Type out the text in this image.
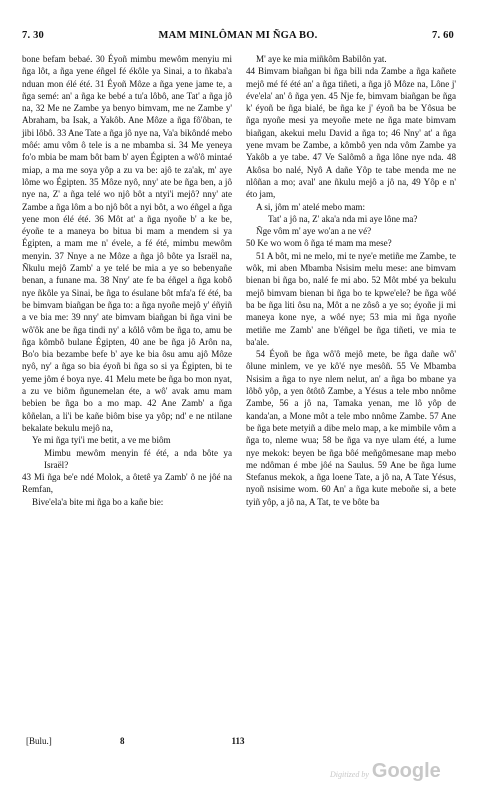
7. 30	MAM MINLÔMAN MI ÑGA BO.	7. 60

bone befam bebaé. 30 Éyoñ mimbu mewôm menyiu mi ñga lôt, a ñga yene éñgel fé ékôle ya Sinai, a to ñkaba'a nduan mon élé été. 31 Éyoñ Môze a ñga yene jame te, a ñga semé: an' a ñga ke bebé a tu'a lôbô, ane Tat' a ñga jô na, 32 Me ne Zambe ya benyo bimvam, me ne Zambe y' Abraham, ba Isak, a Yakôb. Ane Môze a ñga fô'ôban, te jibi lôbô. 33 Ane Tate a ñga jô nye na, Va'a bikôndé mebo môé: amu vôm ô tele is a ne mbamba si. 34 Me yeneya fo'o mbia be mam bôt bam b' ayen Égipten a wô'ô mintaé miap, a ma me soya yôp a zu va be: ajô te za'ak, m' aye lôme wo Égipten. 35 Môze nyô, nny' ate be ñga ben, a jô nye na, Z' a ñga telé wo njô bôt a ntyi'i mejô? nny' ate Zambe a ñga lôm a bo njô bôt a nyi bôt, a wo éñgel a ñga yene mon élé été. 36 Môt at' a ñga nyoñe b' a ke be, éyoñe te a maneya bo bitua bi mam a mendem si ya Égipten, a mam me n' évele, a fé été, mimbu mewôm menyin. 37 Nnye a ne Môze a ñga jô bôte ya Israël na, Ñkulu mejô Zamb' a ye telé be mia a ye so bebenyañe benan, a funane ma. 38 Nny' ate fe ba éñgel a ñga kobô nye ñkôle ya Sinai, be ñga to ésulane bôt mfa'a fé été, ba be bimvam biañgan be ñga to: a ñga nyoñe mejô y' éñyiñ a ve bia me: 39 nny' ate bimvam biañgan bi ñga vini be wô'ôk ane be ñga tindi ny' a kôlô vôm be ñga to, amu be ñga kômbô bulane Égipten, 40 ane be ñga jô Arôn na, Bo'o bia bezambe befe b' aye ke bia ôsu amu ajô Môze nyô, ny' a ñga so bia éyoñ bi ñga so si ya Égipten, bi te yeme jôm é boya nye. 41 Melu mete be ñga bo mon nyat, a zu ve biôm ñgunemelan éte, a wô' avak amu mam bebien be ñga bo a mo map. 42 Ane Zamb' a ñga kôñelan, a li'i be kañe biôm bise ya yôp; nd' e ne ntilane bekalate bekulu mejô na,

Ye mi ñga tyi'i me betit, a ve me biôm

Mimbu mewôm menyin fé été, a nda bôte ya Israël?

43 Mi ñga be'e ndé Molok, a ôtetê ya Zamb' ô ne jôé na Remfan,

Bive'ela'a bite mi ñga bo a kañe bie:

M' aye ke mia miñkôm Babilôn yat.

44 Bimvam biañgan bi ñga bili nda Zambe a ñga kañete mejô mé fé été an' a ñga tiñeti, a ñga jô Môze na, Lône j' éve'ela' an' ô ñga yen. 45 Nje fe, bimvam biañgan be ñga k' éyoñ be ñga bialé, be ñga ke j' éyoñ ba be Yôsua be ñga nyoñe mesi ya meyoñe mete ne ñga mate bimvam biañgan, akekui melu David a ñga to; 46 Nny' at' a ñga yene mvam be Zambe, a kômbô yen nda vôm Zambe ya Yakôb a ye tabe. 47 Ve Salômô a ñga lône nye nda. 48 Akôsa bo nalé, Nyô A dañe Yôp te tabe menda me ne nlôñan a mo; aval' ane ñkulu mejô a jô na, 49 Yôp e n' éto jam,

A si, jôm m' atelé mebo mam:

Tat' a jô na, Z' aka'a nda mi aye lône ma?

Ñge vôm m' aye wo'an a ne vé?

50 Ke wo wom ô ñga té mam ma mese?

51 A bôt, mi ne melo, mi te nye'e metiñe me Zambe, te wôk, mi aben Mbamba Nsisim melu mese: ane bimvam bienan bi ñga bo, nalé fe mi abo. 52 Môt mbé ya bekulu mejô bimvam bienan bi ñga bo te kpwe'ele? be ñga wôé ba be ñga liti ôsu na, Môt a ne zôsô a ye so; éyoñe ji mi maneya kone nye, a wôé nye; 53 mia mi ñga nyoñe metiñe me Zamb' ane b'éñgel be ñga tiñeti, ve mia te ba'ale.

54 Éyoñ be ñga wô'ô mejô mete, be ñga dañe wô' ôlune minlem, ve ye kô'é nye mesôñ. 55 Ve Mbamba Nsisim a ñga to nye nlem nelut, an' a ñga bo mbane ya lôbô yôp, a yen ôtôtô Zambe, a Yésus a tele mbo nnôme Zambe, 56 a jô na, Tamaka yenan, me lô yôp de kanda'an, a Mone môt a tele mbo nnôme Zambe. 57 Ane be ñga bete metyiñ a dibe melo map, a ke mimbile vôm a ñga to, nleme wua; 58 be ñga va nye ulam été, a lume nye mekok: beyen be ñga bôé meñgômesane map mebo me ndôman é mbe jôé na Saulus. 59 Ane be ñga lume Stefanus mekok, a ñga loene Tate, a jô na, A Tate Yésus, nyoñ nsisime wom. 60 An' a ñga kute meboñe si, a bete tyiñ yôp, a jô na, A Tat, te ve bôte ba

[Bulu.]	8	113
Digitized by Google
